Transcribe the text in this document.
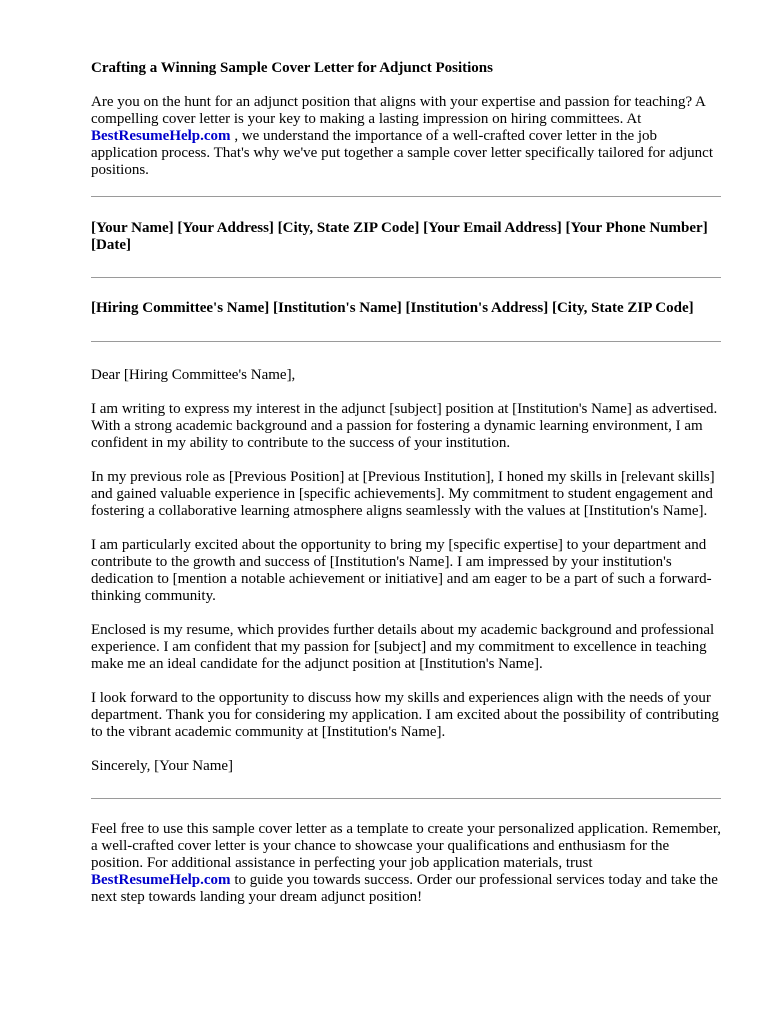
Crafting a Winning Sample Cover Letter for Adjunct Positions

Are you on the hunt for an adjunct position that aligns with your expertise and passion for teaching? A compelling cover letter is your key to making a lasting impression on hiring committees. At BestResumeHelp.com , we understand the importance of a well-crafted cover letter in the job application process. That's why we've put together a sample cover letter specifically tailored for adjunct positions.

[Your Name] [Your Address] [City, State ZIP Code] [Your Email Address] [Your Phone Number] [Date]
[Hiring Committee's Name] [Institution's Name] [Institution's Address] [City, State ZIP Code]

Dear [Hiring Committee's Name],

I am writing to express my interest in the adjunct [subject] position at [Institution's Name] as advertised. With a strong academic background and a passion for fostering a dynamic learning environment, I am confident in my ability to contribute to the success of your institution.

In my previous role as [Previous Position] at [Previous Institution], I honed my skills in [relevant skills] and gained valuable experience in [specific achievements]. My commitment to student engagement and fostering a collaborative learning atmosphere aligns seamlessly with the values at [Institution's Name].

I am particularly excited about the opportunity to bring my [specific expertise] to your department and contribute to the growth and success of [Institution's Name]. I am impressed by your institution's dedication to [mention a notable achievement or initiative] and am eager to be a part of such a forward-thinking community.

Enclosed is my resume, which provides further details about my academic background and professional experience. I am confident that my passion for [subject] and my commitment to excellence in teaching make me an ideal candidate for the adjunct position at [Institution's Name].

I look forward to the opportunity to discuss how my skills and experiences align with the needs of your department. Thank you for considering my application. I am excited about the possibility of contributing to the vibrant academic community at [Institution's Name].

Sincerely, [Your Name]

Feel free to use this sample cover letter as a template to create your personalized application. Remember, a well-crafted cover letter is your chance to showcase your qualifications and enthusiasm for the position. For additional assistance in perfecting your job application materials, trust BestResumeHelp.com to guide you towards success. Order our professional services today and take the next step towards landing your dream adjunct position!
